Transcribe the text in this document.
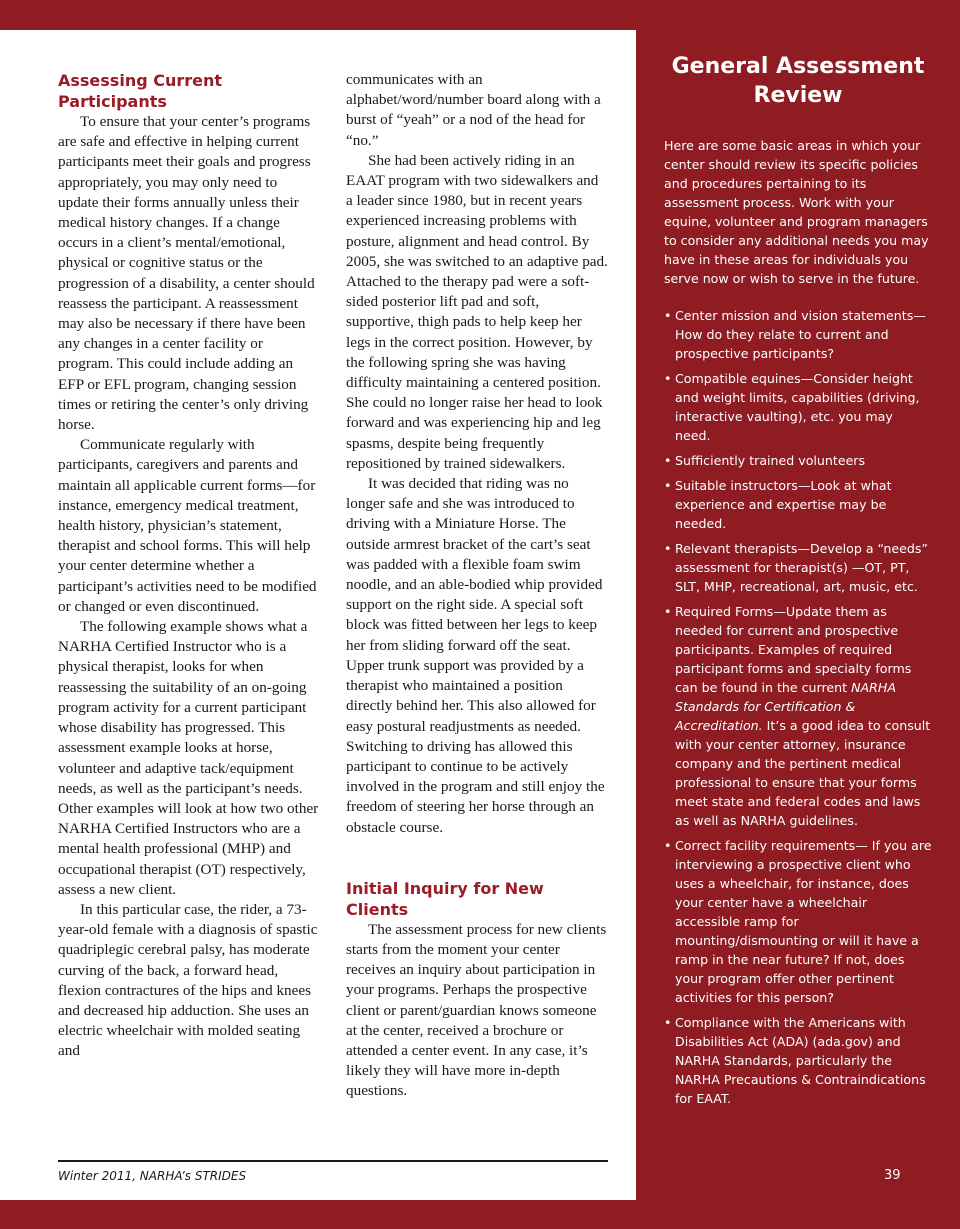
Assessing Current Participants

To ensure that your center’s programs are safe and effective in helping current participants meet their goals and progress appropriately, you may only need to update their forms annually unless their medical history changes. If a change occurs in a client’s mental/emotional, physical or cognitive status or the progression of a disability, a center should reassess the participant. A reassessment may also be necessary if there have been any changes in a center facility or program. This could include adding an EFP or EFL program, changing session times or retiring the center’s only driving horse.

Communicate regularly with participants, caregivers and parents and maintain all applicable current forms—for instance, emergency medical treatment, health history, physician’s statement, therapist and school forms. This will help your center determine whether a participant’s activities need to be modified or changed or even discontinued.

The following example shows what a NARHA Certified Instructor who is a physical therapist, looks for when reassessing the suitability of an on-going program activity for a current participant whose disability has progressed. This assessment example looks at horse, volunteer and adaptive tack/equipment needs, as well as the participant’s needs. Other examples will look at how two other NARHA Certified Instructors who are a mental health professional (MHP) and occupational therapist (OT) respectively, assess a new client.

In this particular case, the rider, a 73-year-old female with a diagnosis of spastic quadriplegic cerebral palsy, has moderate curving of the back, a forward head, flexion contractures of the hips and knees and decreased hip adduction. She uses an electric wheelchair with molded seating and

communicates with an alphabet/word/number board along with a burst of “yeah” or a nod of the head for “no.”

She had been actively riding in an EAAT program with two sidewalkers and a leader since 1980, but in recent years experienced increasing problems with posture, alignment and head control. By 2005, she was switched to an adaptive pad. Attached to the therapy pad were a soft-sided posterior lift pad and soft, supportive, thigh pads to help keep her legs in the correct position. However, by the following spring she was having difficulty maintaining a centered position. She could no longer raise her head to look forward and was experiencing hip and leg spasms, despite being frequently repositioned by trained sidewalkers.

It was decided that riding was no longer safe and she was introduced to driving with a Miniature Horse. The outside armrest bracket of the cart’s seat was padded with a flexible foam swim noodle, and an able-bodied whip provided support on the right side. A special soft block was fitted between her legs to keep her from sliding forward off the seat. Upper trunk support was provided by a therapist who maintained a position directly behind her. This also allowed for easy postural readjustments as needed. Switching to driving has allowed this participant to continue to be actively involved in the program and still enjoy the freedom of steering her horse through an obstacle course.

Initial Inquiry for New Clients

The assessment process for new clients starts from the moment your center receives an inquiry about participation in your programs. Perhaps the prospective client or parent/guardian knows someone at the center, received a brochure or attended a center event. In any case, it’s likely they will have more in-depth questions.

General Assessment Review
Here are some basic areas in which your center should review its specific policies and procedures pertaining to its assessment process. Work with your equine, volunteer and program managers to consider any additional needs you may have in these areas for individuals you serve now or wish to serve in the future.
• Center mission and vision statements—How do they relate to current and prospective participants?
• Compatible equines—Consider height and weight limits, capabilities (driving, interactive vaulting), etc. you may need.
• Sufficiently trained volunteers
• Suitable instructors—Look at what experience and expertise may be needed.
• Relevant therapists—Develop a “needs” assessment for therapist(s) —OT, PT, SLT, MHP, recreational, art, music, etc.
• Required Forms—Update them as needed for current and prospective participants. Examples of required participant forms and specialty forms can be found in the current NARHA Standards for Certification & Accreditation. It’s a good idea to consult with your center attorney, insurance company and the pertinent medical professional to ensure that your forms meet state and federal codes and laws as well as NARHA guidelines.
• Correct facility requirements— If you are interviewing a prospective client who uses a wheelchair, for instance, does your center have a wheelchair accessible ramp for mounting/dismounting or will it have a ramp in the near future? If not, does your program offer other pertinent activities for this person?
• Compliance with the Americans with Disabilities Act (ADA) (ada.gov) and NARHA Standards, particularly the NARHA Precautions & Contraindications for EAAT.
Winter 2011, NARHA’s STRIDES	39
